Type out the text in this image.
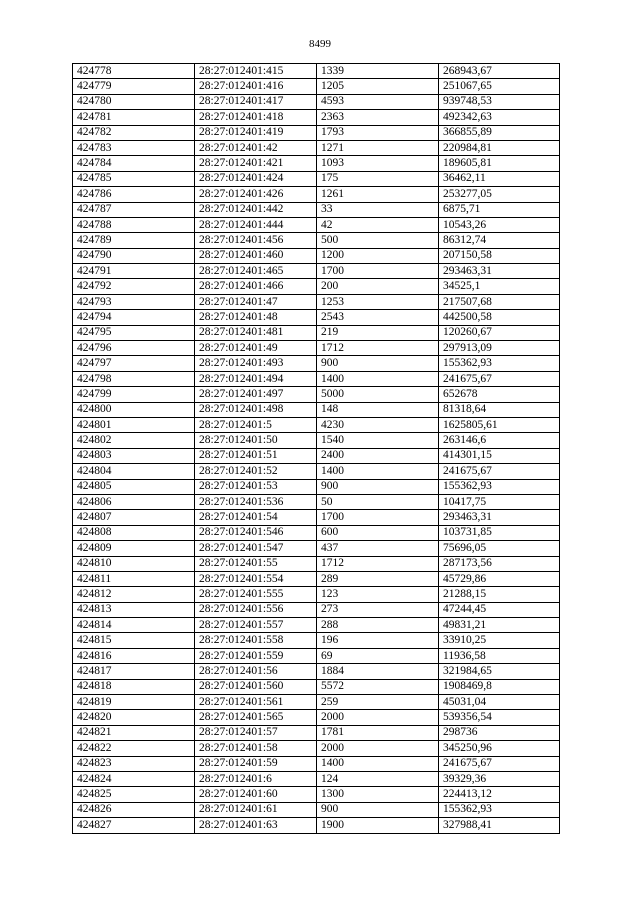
8499
424778	28:27:012401:415	1339	268943,67
424779	28:27:012401:416	1205	251067,65
424780	28:27:012401:417	4593	939748,53
424781	28:27:012401:418	2363	492342,63
424782	28:27:012401:419	1793	366855,89
424783	28:27:012401:42	1271	220984,81
424784	28:27:012401:421	1093	189605,81
424785	28:27:012401:424	175	36462,11
424786	28:27:012401:426	1261	253277,05
424787	28:27:012401:442	33	6875,71
424788	28:27:012401:444	42	10543,26
424789	28:27:012401:456	500	86312,74
424790	28:27:012401:460	1200	207150,58
424791	28:27:012401:465	1700	293463,31
424792	28:27:012401:466	200	34525,1
424793	28:27:012401:47	1253	217507,68
424794	28:27:012401:48	2543	442500,58
424795	28:27:012401:481	219	120260,67
424796	28:27:012401:49	1712	297913,09
424797	28:27:012401:493	900	155362,93
424798	28:27:012401:494	1400	241675,67
424799	28:27:012401:497	5000	652678
424800	28:27:012401:498	148	81318,64
424801	28:27:012401:5	4230	1625805,61
424802	28:27:012401:50	1540	263146,6
424803	28:27:012401:51	2400	414301,15
424804	28:27:012401:52	1400	241675,67
424805	28:27:012401:53	900	155362,93
424806	28:27:012401:536	50	10417,75
424807	28:27:012401:54	1700	293463,31
424808	28:27:012401:546	600	103731,85
424809	28:27:012401:547	437	75696,05
424810	28:27:012401:55	1712	287173,56
424811	28:27:012401:554	289	45729,86
424812	28:27:012401:555	123	21288,15
424813	28:27:012401:556	273	47244,45
424814	28:27:012401:557	288	49831,21
424815	28:27:012401:558	196	33910,25
424816	28:27:012401:559	69	11936,58
424817	28:27:012401:56	1884	321984,65
424818	28:27:012401:560	5572	1908469,8
424819	28:27:012401:561	259	45031,04
424820	28:27:012401:565	2000	539356,54
424821	28:27:012401:57	1781	298736
424822	28:27:012401:58	2000	345250,96
424823	28:27:012401:59	1400	241675,67
424824	28:27:012401:6	124	39329,36
424825	28:27:012401:60	1300	224413,12
424826	28:27:012401:61	900	155362,93
424827	28:27:012401:63	1900	327988,41
